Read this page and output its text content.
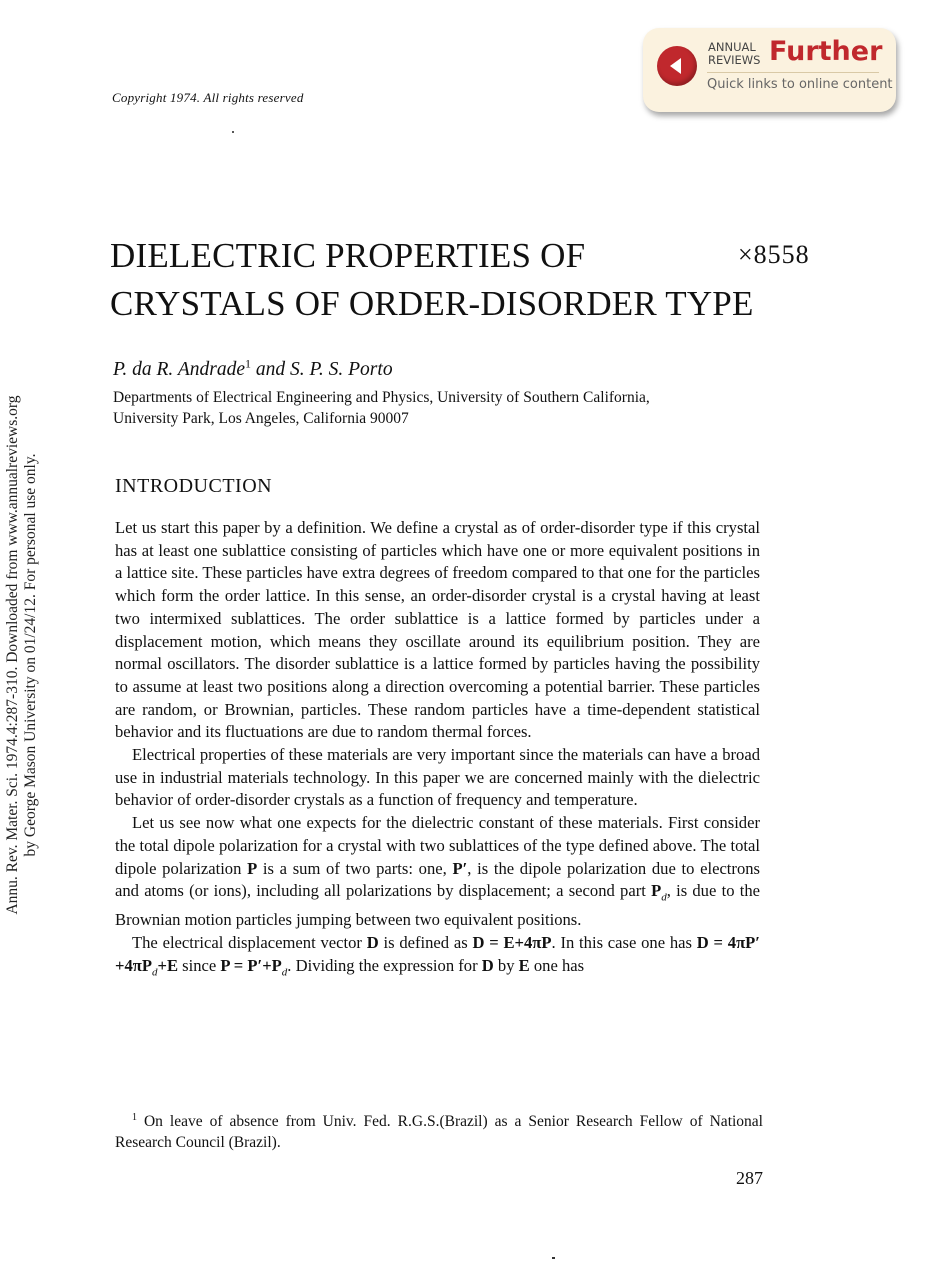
Copyright 1974. All rights reserved
ANNUAL
REVIEWS Further
Quick links to online content
DIELECTRIC PROPERTIES OF
CRYSTALS OF ORDER-DISORDER TYPE
×8558
P. da R. Andrade$^1$ and S. P. S. Porto
Departments of Electrical Engineering and Physics, University of Southern California,
University Park, Los Angeles, California 90007
INTRODUCTION

Let us start this paper by a definition. We define a crystal as of order-disorder type if this crystal has at least one sublattice consisting of particles which have one or more equivalent positions in a lattice site. These particles have extra degrees of freedom compared to that one for the particles which form the order lattice. In this sense, an order-disorder crystal is a crystal having at least two intermixed sublattices. The order sublattice is a lattice formed by particles under a displacement motion, which means they oscillate around its equilibrium position. They are normal oscillators. The disorder sublattice is a lattice formed by particles having the possibility to assume at least two positions along a direction overcoming a potential barrier. These particles are random, or Brownian, particles. These random particles have a time-dependent statistical behavior and its fluctuations are due to random thermal forces.

Electrical properties of these materials are very important since the materials can have a broad use in industrial materials technology. In this paper we are concerned mainly with the dielectric behavior of order-disorder crystals as a function of frequency and temperature.

Let us see now what one expects for the dielectric constant of these materials. First consider the total dipole polarization for a crystal with two sublattices of the type defined above. The total dipole polarization P is a sum of two parts: one, P′, is the dipole polarization due to electrons and atoms (or ions), including all polarizations by displacement; a second part $P_d$, is due to the Brownian motion particles jumping between two equivalent positions.

The electrical displacement vector D is defined as D = E+4πP. In this case one has $D = 4\pi P'+4\pi P_d+E$ since $P = P'+P_d$. Dividing the expression for D by E one has

$^1$ On leave of absence from Univ. Fed. R.G.S.(Brazil) as a Senior Research Fellow of National Research Council (Brazil).
287
Annu. Rev. Mater. Sci. 1974.4:287-310. Downloaded from www.annualreviews.org by George Mason University on 01/24/12. For personal use only.
